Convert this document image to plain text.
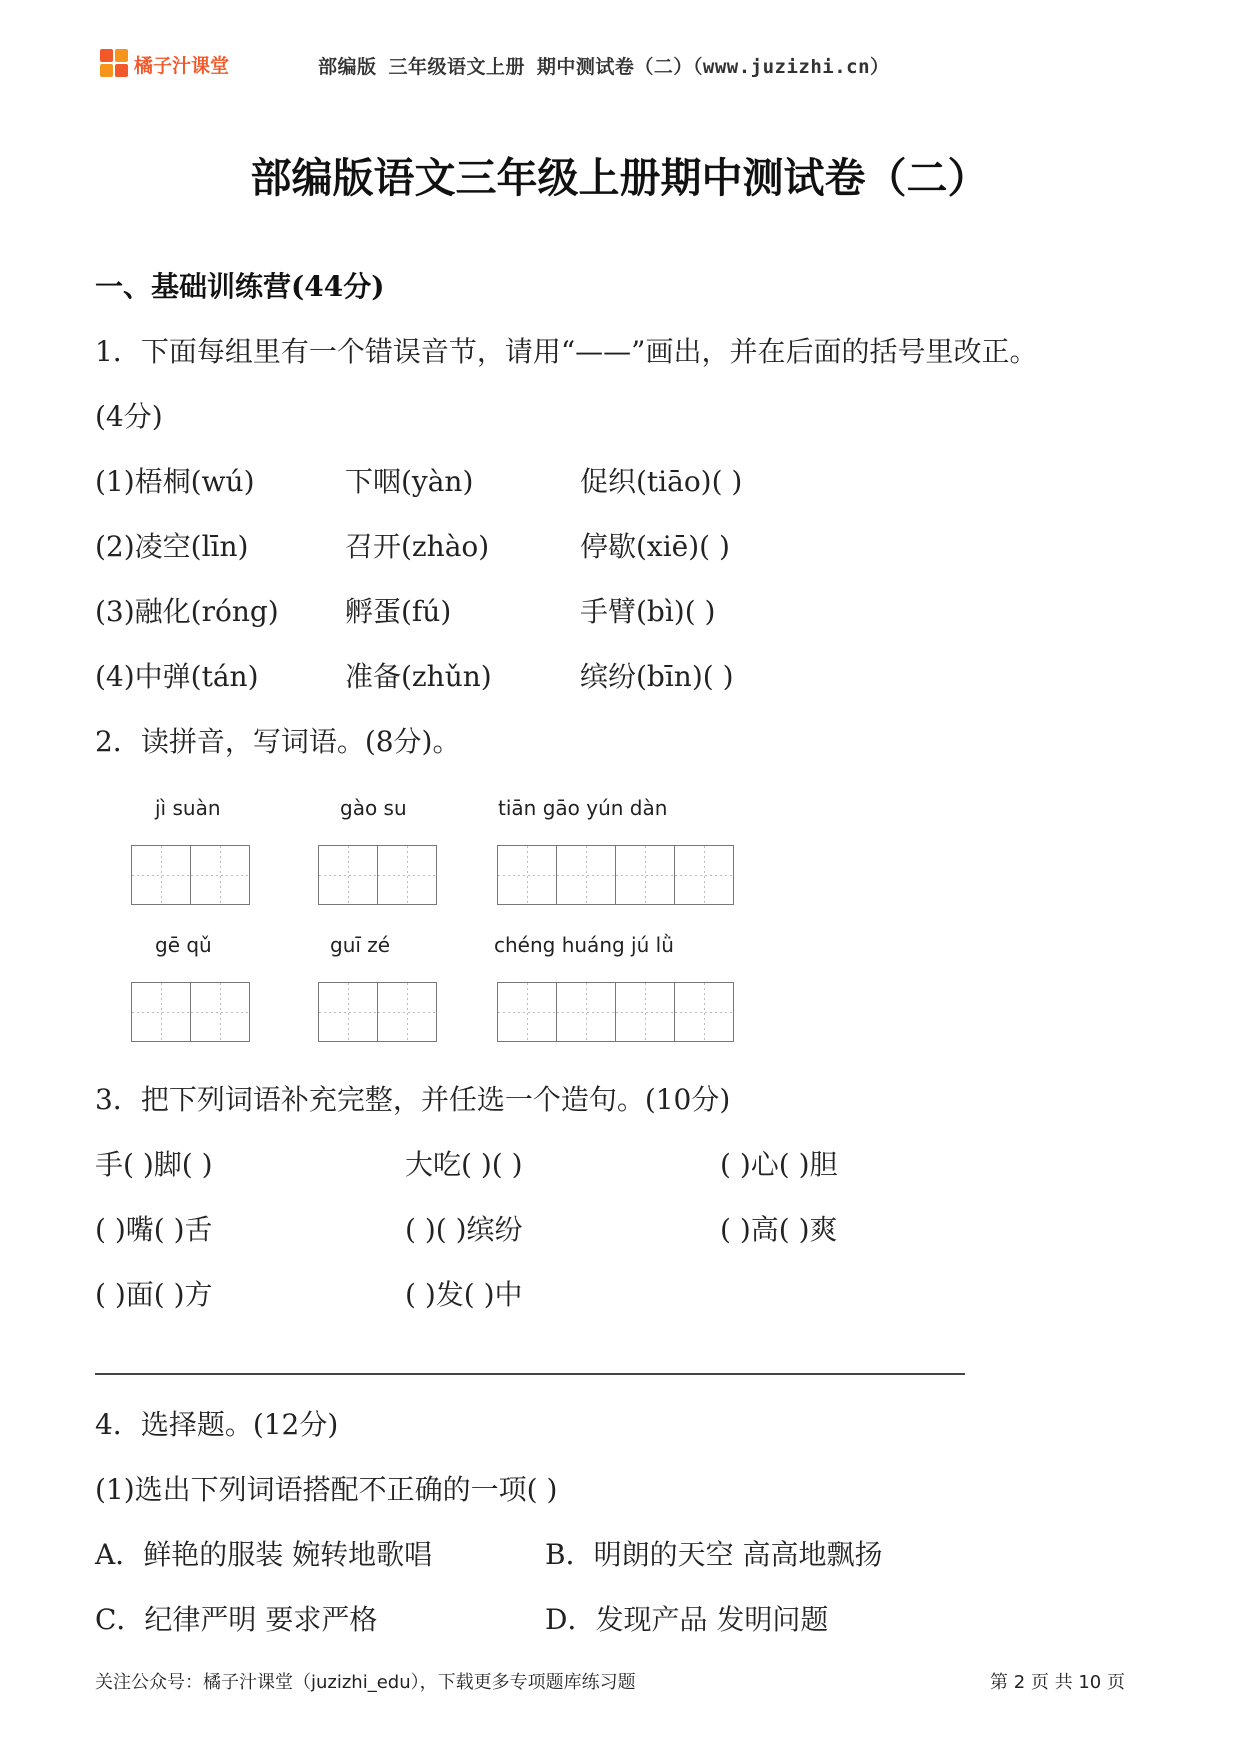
橘子汁课堂	部编版 三年级语文上册 期中测试卷（二）（www.juzizhi.cn）
部编版语文三年级上册期中测试卷（二）
一、基础训练营(44分)
1．下面每组里有一个错误音节，请用“——”画出，并在后面的括号里改正。
(4分)
(1)梧桐(wú)	下咽(yàn)	促织(tiāo)( )
(2)凌空(līn)	召开(zhào)	停歇(xiē)( )
(3)融化(róng) 孵蛋(fú)	手臂(bì)( )
(4)中弹(tán)	准备(zhǔn)	缤纷(bīn)( )
2．读拼音，写词语。(8分)。
jì suàn	gào su	tiān gāo yún dàn
gē qǔ	guī zé	chéng huáng jú lǜ
3．把下列词语补充完整，并任选一个造句。(10分)
手( )脚( )	大吃( )( )	( )心( )胆
( )嘴( )舌	( )( )缤纷	( )高( )爽
( )面( )方	( )发( )中
4．选择题。(12分)
(1)选出下列词语搭配不正确的一项( )
A．鲜艳的服装 婉转地歌唱	B．明朗的天空 高高地飘扬
C．纪律严明 要求严格	D．发现产品 发明问题
关注公众号：橘子汁课堂（juzizhi_edu），下载更多专项题库练习题	第 2 页 共 10 页
